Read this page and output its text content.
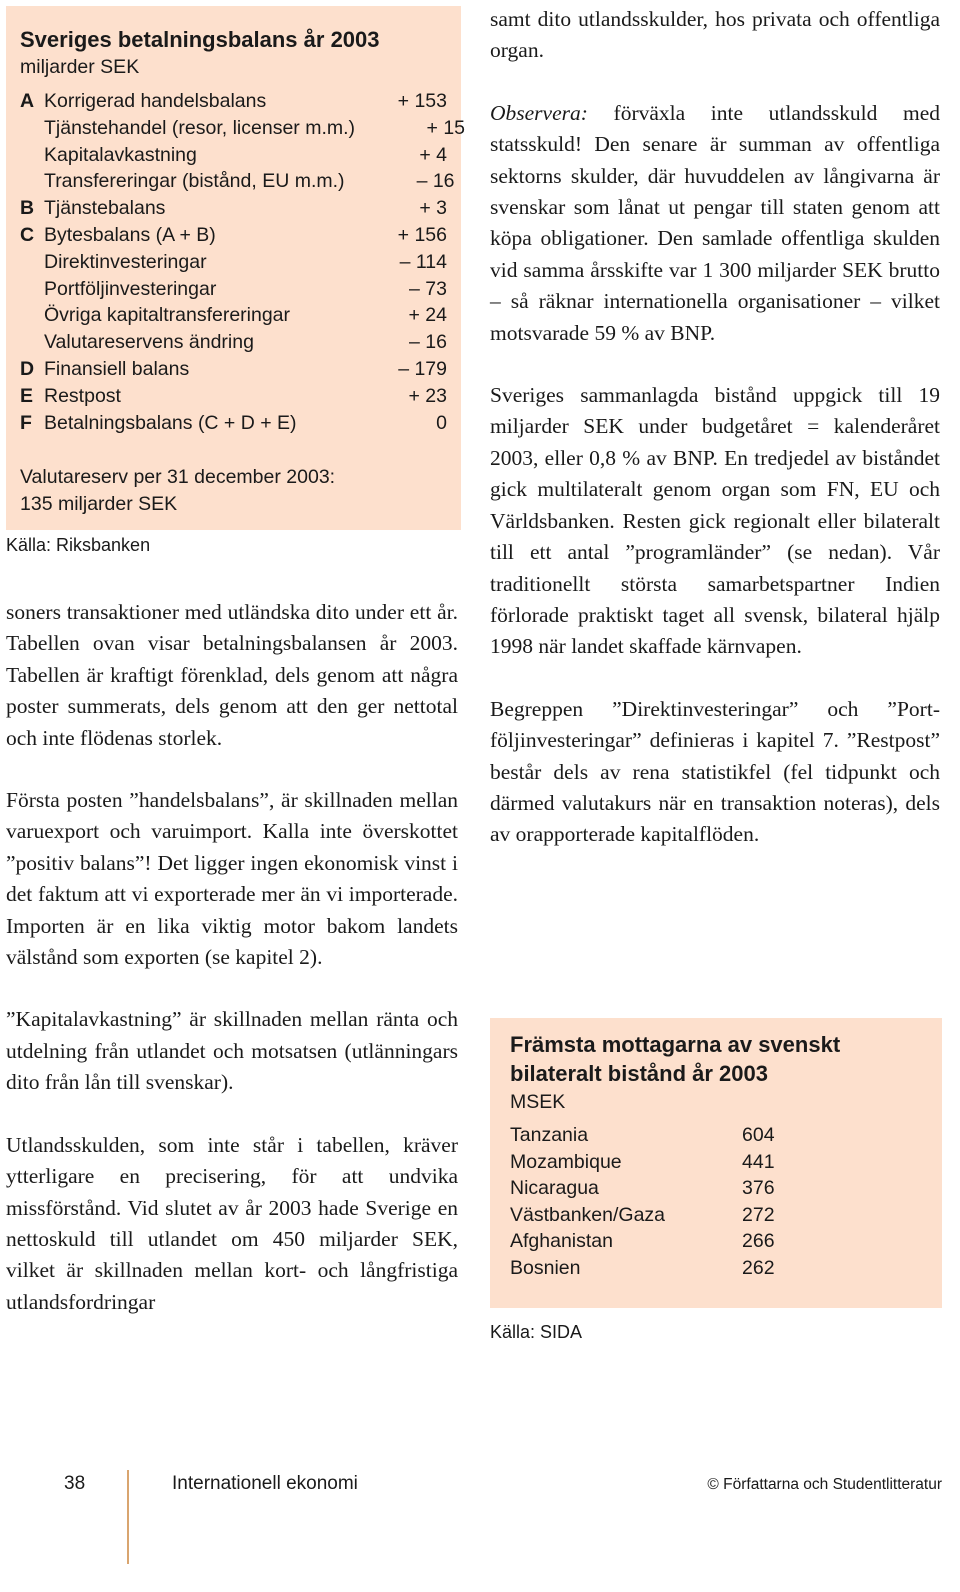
Sveriges betalningsbalans år 2003
miljarder SEK
A Korrigerad handelsbalans	+ 153
Tjänstehandel (resor, licenser m.m.)	+ 15
Kapitalavkastning	+ 4
Transfereringar (bistånd, EU m.m.)	– 16
B Tjänstebalans	+ 3
C Bytesbalans (A + B)	+ 156
Direktinvesteringar	– 114
Portföljinvesteringar	– 73
Övriga kapitaltransfereringar	+ 24
Valutareservens ändring	– 16
D Finansiell balans	– 179
E Restpost	+ 23
F Betalningsbalans (C + D + E)	0
Valutareserv per 31 december 2003:
135 miljarder SEK
Källa: Riksbanken

soners transaktioner med utländska dito under ett år. Tabellen ovan visar betalningsbalansen år 2003. Tabellen är kraftigt förenklad, dels genom att några poster summerats, dels genom att den ger nettotal och inte flödenas storlek.

Första posten ”handelsbalans”, är skillnaden mellan varuexport och varuimport. Kalla inte överskottet ”positiv balans”! Det ligger ingen ekonomisk vinst i det faktum att vi exporterade mer än vi importerade. Importen är en lika viktig motor bakom landets välstånd som exporten (se kapitel 2).

”Kapitalavkastning” är skillnaden mellan ränta och utdelning från utlandet och motsatsen (utlänningars dito från lån till svenskar).

Utlandsskulden, som inte står i tabellen, kräver ytterligare en precisering, för att undvika missförstånd. Vid slutet av år 2003 hade Sverige en nettoskuld till utlandet om 450 miljarder SEK, vilket är skillnaden mellan kort- och långfristiga utlandsfordringar

samt dito utlandsskulder, hos privata och offentliga organ.

Observera: förväxla inte utlandsskuld med statsskuld! Den senare är summan av offentliga sektorns skulder, där huvuddelen av långivarna är svenskar som lånat ut pengar till staten genom att köpa obligationer. Den samlade offentliga skulden vid samma årsskifte var 1 300 miljarder SEK brutto – så räknar internationella organisationer – vilket motsvarade 59 % av BNP.

Sveriges sammanlagda bistånd uppgick till 19 miljarder SEK under budgetåret = kalenderåret 2003, eller 0,8 % av BNP. En tredjedel av biståndet gick multilateralt genom organ som FN, EU och Världsbanken. Resten gick regionalt eller bilateralt till ett antal ”programländer” (se nedan). Vår traditionellt största samarbetspartner Indien förlorade praktiskt taget all svensk, bilateral hjälp 1998 när landet skaffade kärnvapen.

Begreppen ”Direktinvesteringar” och ”Portföljinvesteringar” definieras i kapitel 7. ”Restpost” består dels av rena statistikfel (fel tidpunkt och därmed valutakurs när en transaktion noteras), dels av orapporterade kapitalflöden.

Främsta mottagarna av svenskt
bilateralt bistånd år 2003
MSEK
Tanzania	604
Mozambique	441
Nicaragua	376
Västbanken/Gaza	272
Afghanistan	266
Bosnien	262
Källa: SIDA
38	Internationell ekonomi	© Författarna och Studentlitteratur
